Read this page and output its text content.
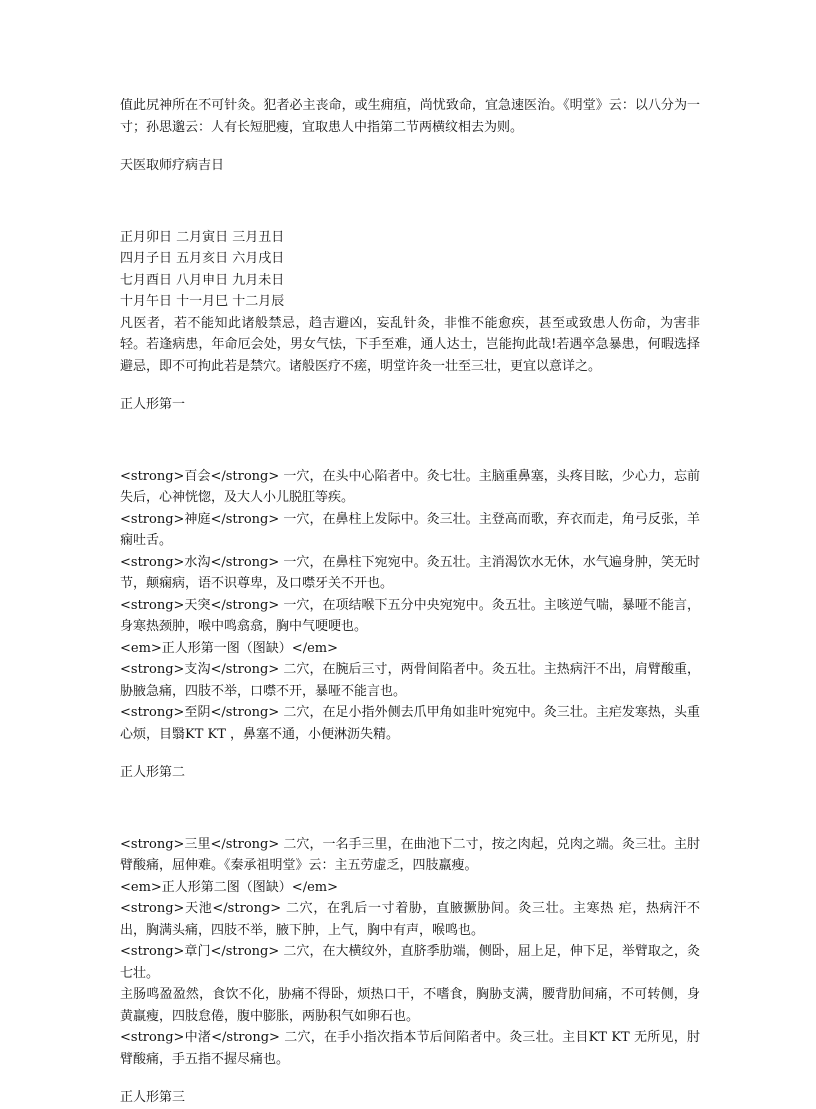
值此尻神所在不可针灸。犯者必主丧命，或生痈疽，尚忧致命，宜急速医治。《明堂》云：以八分为一寸；孙思邈云：人有长短肥瘦，宜取患人中指第二节两横纹相去为则。

天医取师疗病吉日

正月卯日 二月寅日 三月丑日

四月子日 五月亥日 六月戌日

七月酉日 八月申日 九月未日

十月午日 十一月巳 十二月辰

凡医者，若不能知此诸般禁忌，趋吉避凶，妄乱针灸，非惟不能愈疾，甚至或致患人伤命，为害非轻。若逢病患，年命厄会处，男女气怯，下手至难，通人达士，岂能拘此哉!若遇卒急暴患，何暇选择避忌，即不可拘此若是禁穴。诸般医疗不瘥，明堂许灸一壮至三壮，更宜以意详之。

正人形第一

<strong>百会</strong> 一穴，在头中心陷者中。灸七壮。主脑重鼻塞，头疼目眩，少心力，忘前失后，心神恍惚，及大人小儿脱肛等疾。

<strong>神庭</strong> 一穴，在鼻柱上发际中。灸三壮。主登高而歌，弃衣而走，角弓反张，羊痫吐舌。

<strong>水沟</strong> 一穴，在鼻柱下宛宛中。灸五壮。主消渴饮水无休，水气遍身肿，笑无时节，颠痫病，语不识尊卑，及口噤牙关不开也。

<strong>天突</strong> 一穴，在项结喉下五分中央宛宛中。灸五壮。主咳逆气喘，暴哑不能言，身寒热颈肿，喉中鸣翕翕，胸中气哽哽也。

<em>正人形第一图（图缺）</em>

<strong>支沟</strong> 二穴，在腕后三寸，两骨间陷者中。灸五壮。主热病汗不出，肩臂酸重，胁腋急痛，四肢不举，口噤不开，暴哑不能言也。

<strong>至阴</strong> 二穴，在足小指外侧去爪甲角如韭叶宛宛中。灸三壮。主疟发寒热，头重心烦，目翳KT KT ，鼻塞不通，小便淋沥失精。

正人形第二

<strong>三里</strong> 二穴，一名手三里，在曲池下二寸，按之肉起，兑肉之端。灸三壮。主肘臂酸痛，屈伸难。《秦承祖明堂》云：主五劳虚乏，四肢羸瘦。

<em>正人形第二图（图缺）</em>

<strong>天池</strong> 二穴，在乳后一寸着胁，直腋撅胁间。灸三壮。主寒热 疟，热病汗不出，胸满头痛，四肢不举，腋下肿，上气，胸中有声，喉鸣也。

<strong>章门</strong> 二穴，在大横纹外，直脐季肋端，侧卧，屈上足，伸下足，举臂取之，灸七壮。

主肠鸣盈盈然，食饮不化，胁痛不得卧，烦热口干，不嗜食，胸胁支满，腰背肋间痛，不可转侧，身黄羸瘦，四肢怠倦，腹中膨胀，两胁积气如卵石也。

<strong>中渚</strong> 二穴，在手小指次指本节后间陷者中。灸三壮。主目KT KT 无所见，肘臂酸痛，手五指不握尽痛也。

正人形第三
